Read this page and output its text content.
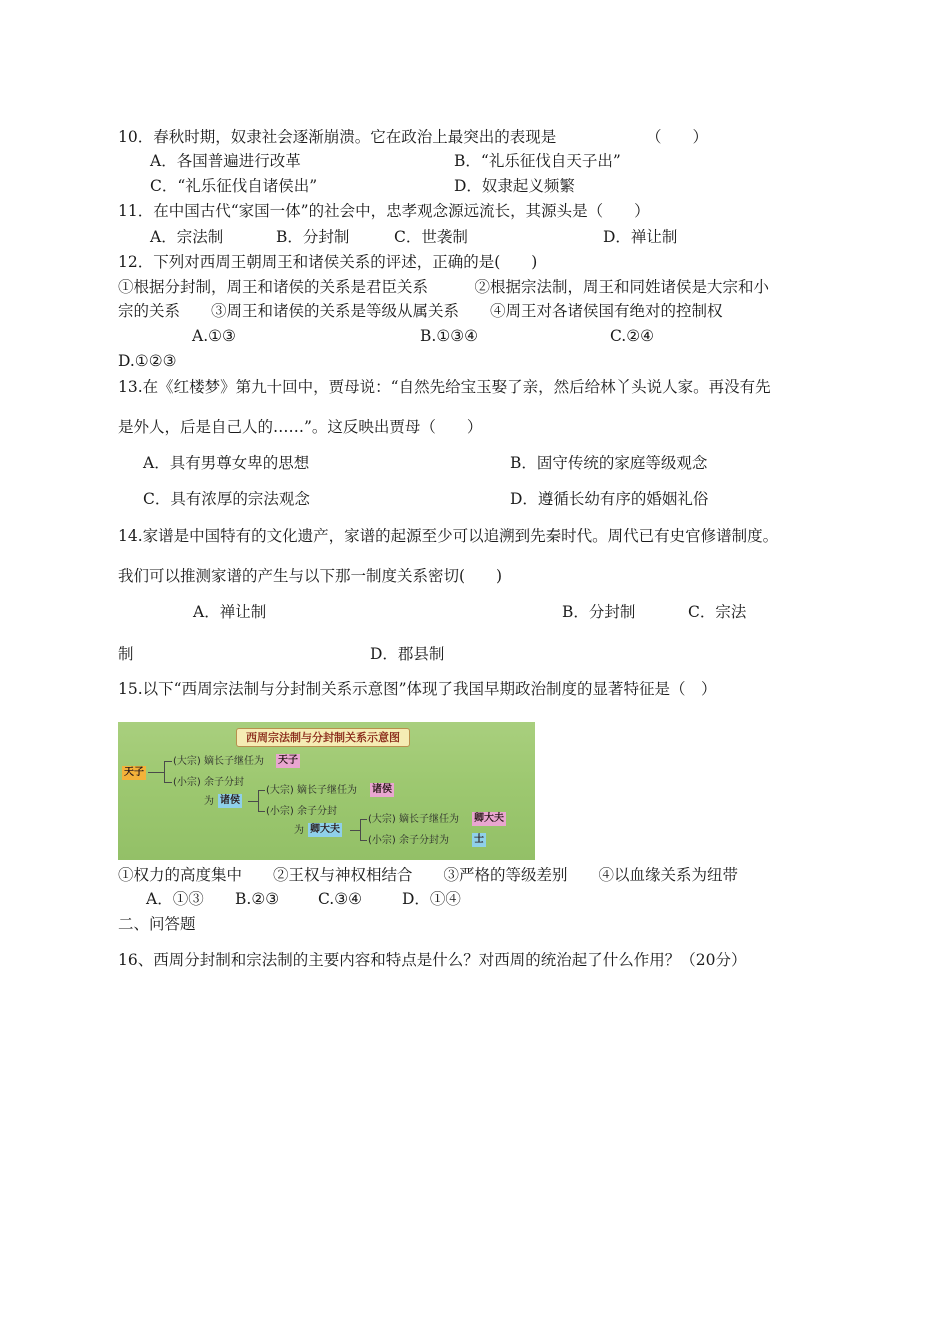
10．春秋时期，奴隶社会逐渐崩溃。它在政治上最突出的表现是	（　　）
A．各国普遍进行改革	B．“礼乐征伐自天子出”
C．“礼乐征伐自诸侯出”	D．奴隶起义频繁
11．在中国古代“家国一体”的社会中，忠孝观念源远流长，其源头是（　　）
A．宗法制	B．分封制	C．世袭制	D．禅让制
12．下列对西周王朝周王和诸侯关系的评述，正确的是(　　)
①根据分封制，周王和诸侯的关系是君臣关系　　　②根据宗法制，周王和同姓诸侯是大宗和小
宗的关系　　③周王和诸侯的关系是等级从属关系　　④周王对各诸侯国有绝对的控制权
A.①③	B.①③④	C.②④
D.①②③
13.在《红楼梦》第九十回中，贾母说：“自然先给宝玉娶了亲，然后给林丫头说人家。再没有先
是外人，后是自己人的……”。这反映出贾母（　　）
A．具有男尊女卑的思想	B．固守传统的家庭等级观念
C．具有浓厚的宗法观念	D．遵循长幼有序的婚姻礼俗
14.家谱是中国特有的文化遗产，家谱的起源至少可以追溯到先秦时代。周代已有史官修谱制度。
我们可以推测家谱的产生与以下那一制度关系密切(　　)
A．禅让制	B．分封制	C．宗法
制	D．郡县制
15.以下“西周宗法制与分封制关系示意图”体现了我国早期政治制度的显著特征是（　）
西周宗法制与分封制关系示意图
天子
(大宗) 嫡长子继任为 天子
(小宗) 余子分封
为 诸侯
(大宗) 嫡长子继任为 诸侯
(小宗) 余子分封
为 卿大夫
(大宗) 嫡长子继任为 卿大夫
(小宗) 余子分封为	士
①权力的高度集中　　②王权与神权相结合　　③严格的等级差别　　④以血缘关系为纽带
A．①③ B.②③	C.③④	D．①④
二、问答题
16、西周分封制和宗法制的主要内容和特点是什么？对西周的统治起了什么作用？（20分）
